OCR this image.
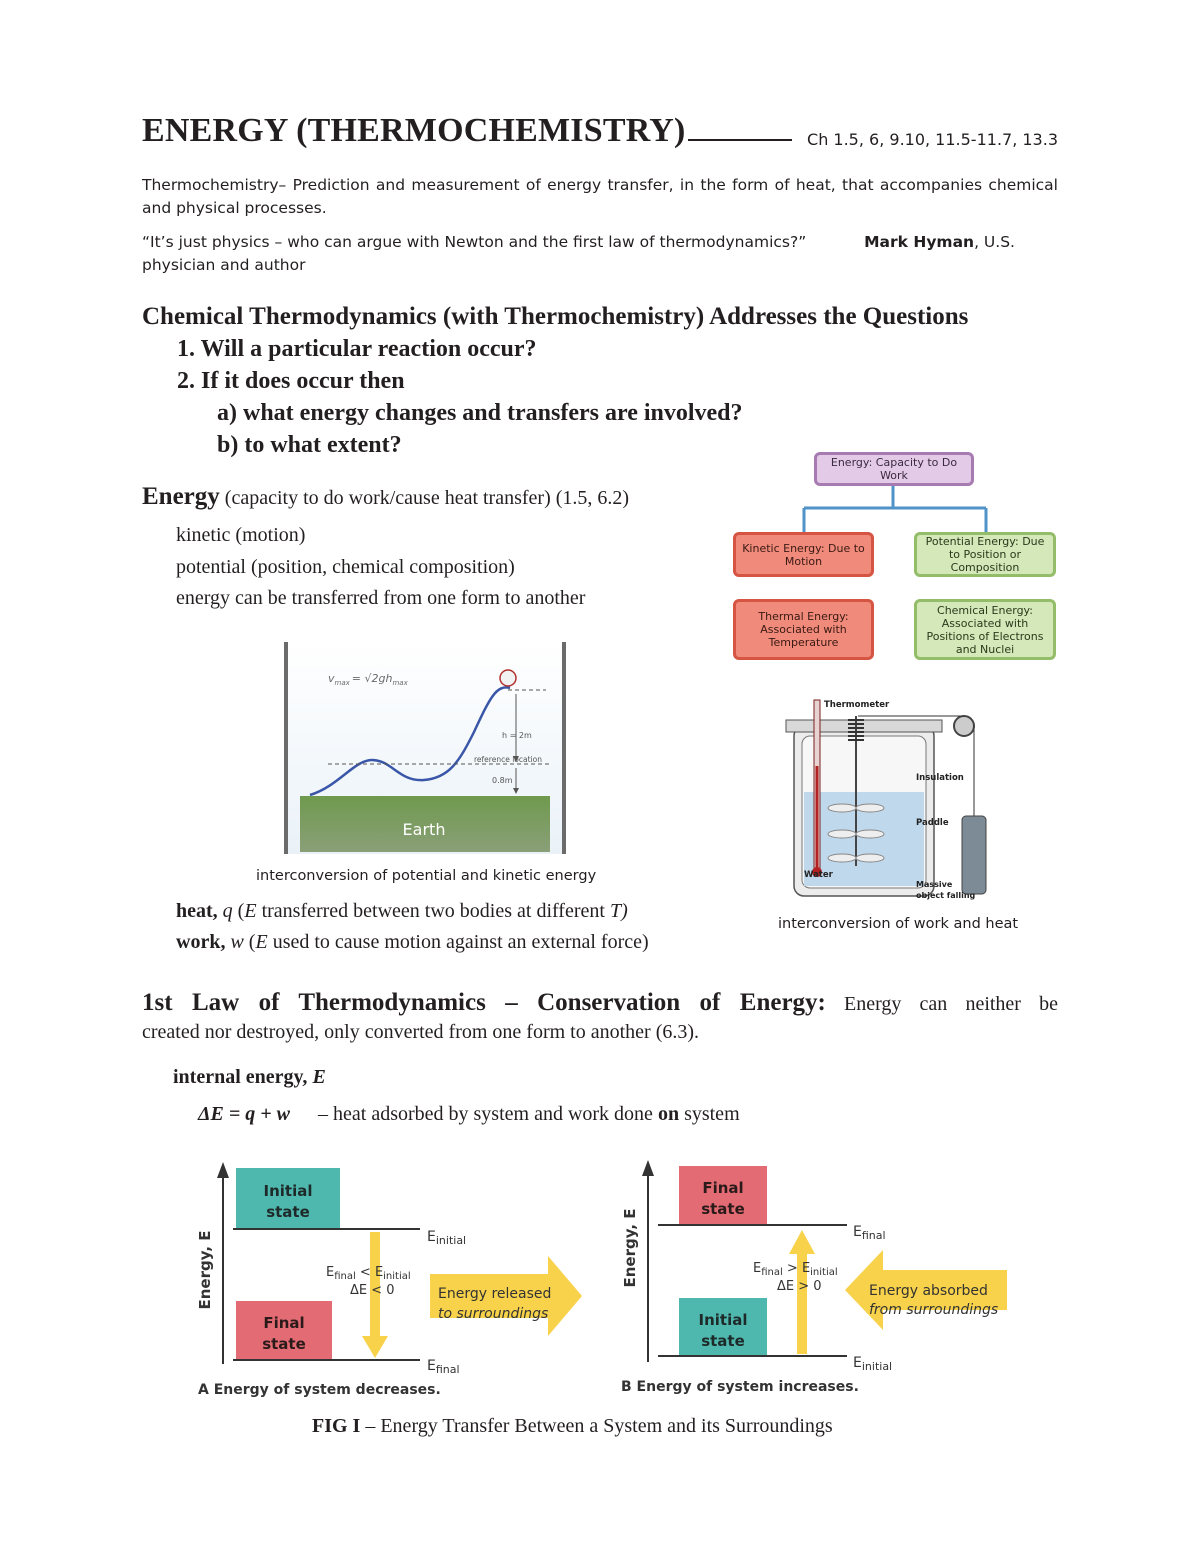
ENERGY (THERMOCHEMISTRY)	Ch 1.5, 6, 9.10, 11.5-11.7, 13.3
Thermochemistry– Prediction and measurement of energy transfer, in the form of heat, that accompanies chemical and physical processes.
“It’s just physics – who can argue with Newton and the first law of thermodynamics?”	Mark Hyman, U.S. physician and author
Chemical Thermodynamics (with Thermochemistry) Addresses the Questions
1. Will a particular reaction occur?
2. If it does occur then
a) what energy changes and transfers are involved?
b) to what extent?
Energy (capacity to do work/cause heat transfer) (1.5, 6.2)
kinetic (motion)
potential (position, chemical composition)
energy can be transferred from one form to another
Energy: Capacity to Do Work
Kinetic Energy: Due to Motion
Potential Energy: Due to Position or Composition
Thermal Energy: Associated with Temperature
Chemical Energy: Associated with Positions of Electrons and Nuclei
Earth
$v_{max} = √2gh_{max}$
h = 2m
reference location
0.8m
interconversion of potential and kinetic energy
Thermometer
Insulation
Paddle
Water
Massive
object falling
interconversion of work and heat
heat, q (E transferred between two bodies at different T)
work, w (E used to cause motion against an external force)
1st Law of Thermodynamics – Conservation of Energy: Energy can neither be
created nor destroyed, only converted from one form to another (6.3).
internal energy, E
ΔE = q + w – heat adsorbed by system and work done on system
Energy, E
Initial
state
$E_{initial}$
Final
state
$E_{final}$
$E_{final} < E_{initial}$
ΔE < 0	Energy released
to surroundings
A Energy of system decreases.
Energy, E
Final
state
$E_{final}$
Initial
state
$E_{initial}$
$E_{final} > E_{initial}$
ΔE > 0	Energy absorbed
from surroundings
B Energy of system increases.
FIG I – Energy Transfer Between a System and its Surroundings
